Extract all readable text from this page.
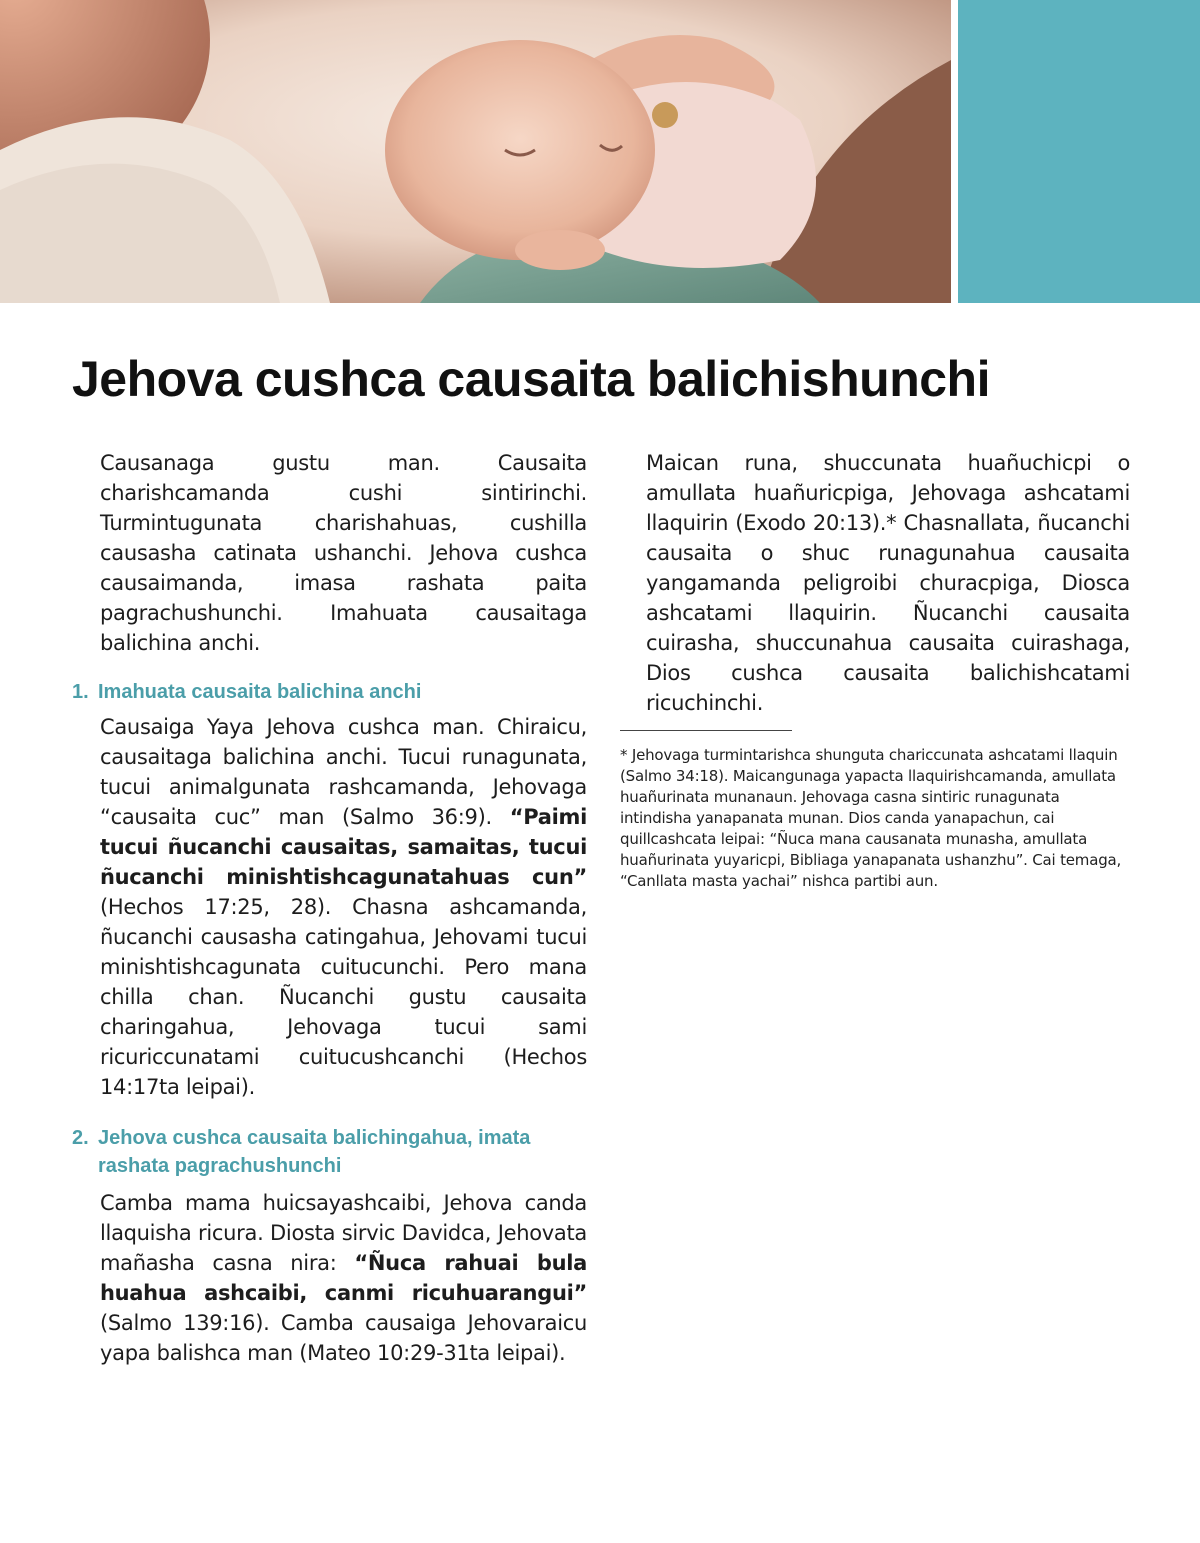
Jehova cushca causaita balichishunchi

Causanaga gustu man. Causaita charishcamanda cushi sintirinchi. Turmintugunata charishahuas, cushilla causasha catinata ushanchi. Jehova cushca causaimanda, imasa rashata paita pagrachushunchi. Imahuata causaitaga balichina anchi.

1. Imahuata causaita balichina anchi

Causaiga Yaya Jehova cushca man. Chiraicu, causaitaga balichina anchi. Tucui runagunata, tucui animalgunata rashcamanda, Jehovaga “causaita cuc” man (Salmo 36:9). “Paimi tucui ñucanchi causaitas, samaitas, tucui ñucanchi minishtishcagunatahuas cun” (Hechos 17:25, 28). Chasna ashcamanda, ñucanchi causasha catingahua, Jehovami tucui minishtishcagunata cuitucunchi. Pero mana chilla chan. Ñucanchi gustu causaita charingahua, Jehovaga tucui sami ricuriccunatami cuitucushcanchi (Hechos 14:17ta leipai).

2. Jehova cushca causaita balichingahua, imata rashata pagrachushunchi

Camba mama huicsayashcaibi, Jehova canda llaquisha ricura. Diosta sirvic Davidca, Jehovata mañasha casna nira: “Ñuca rahuai bula huahua ashcaibi, canmi ricuhuarangui” (Salmo 139:16). Camba causaiga Jehovaraicu yapa balishca man (Mateo 10:29-31ta leipai).

Maican runa, shuccunata huañuchicpi o amullata huañuricpiga, Jehovaga ashcatami llaquirin (Exodo 20:13).* Chasnallata, ñucanchi causaita o shuc runagunahua causaita yangamanda peligroibi churacpiga, Diosca ashcatami llaquirin. Ñucanchi causaita cuirasha, shuccunahua causaita cuirashaga, Dios cushca causaita balichishcatami ricuchinchi.

* Jehovaga turmintarishca shunguta chariccunata ashcatami llaquin (Salmo 34:18). Maicangunaga yapacta llaquirishcamanda, amullata huañurinata munanaun. Jehovaga casna sintiric runagunata intindisha yanapanata munan. Dios canda yanapachun, cai quillcashcata leipai: “Ñuca mana causanata munasha, amullata huañurinata yuyaricpi, Bibliaga yanapanata ushanzhu”. Cai temaga, “Canllata masta yachai” nishca partibi aun.
